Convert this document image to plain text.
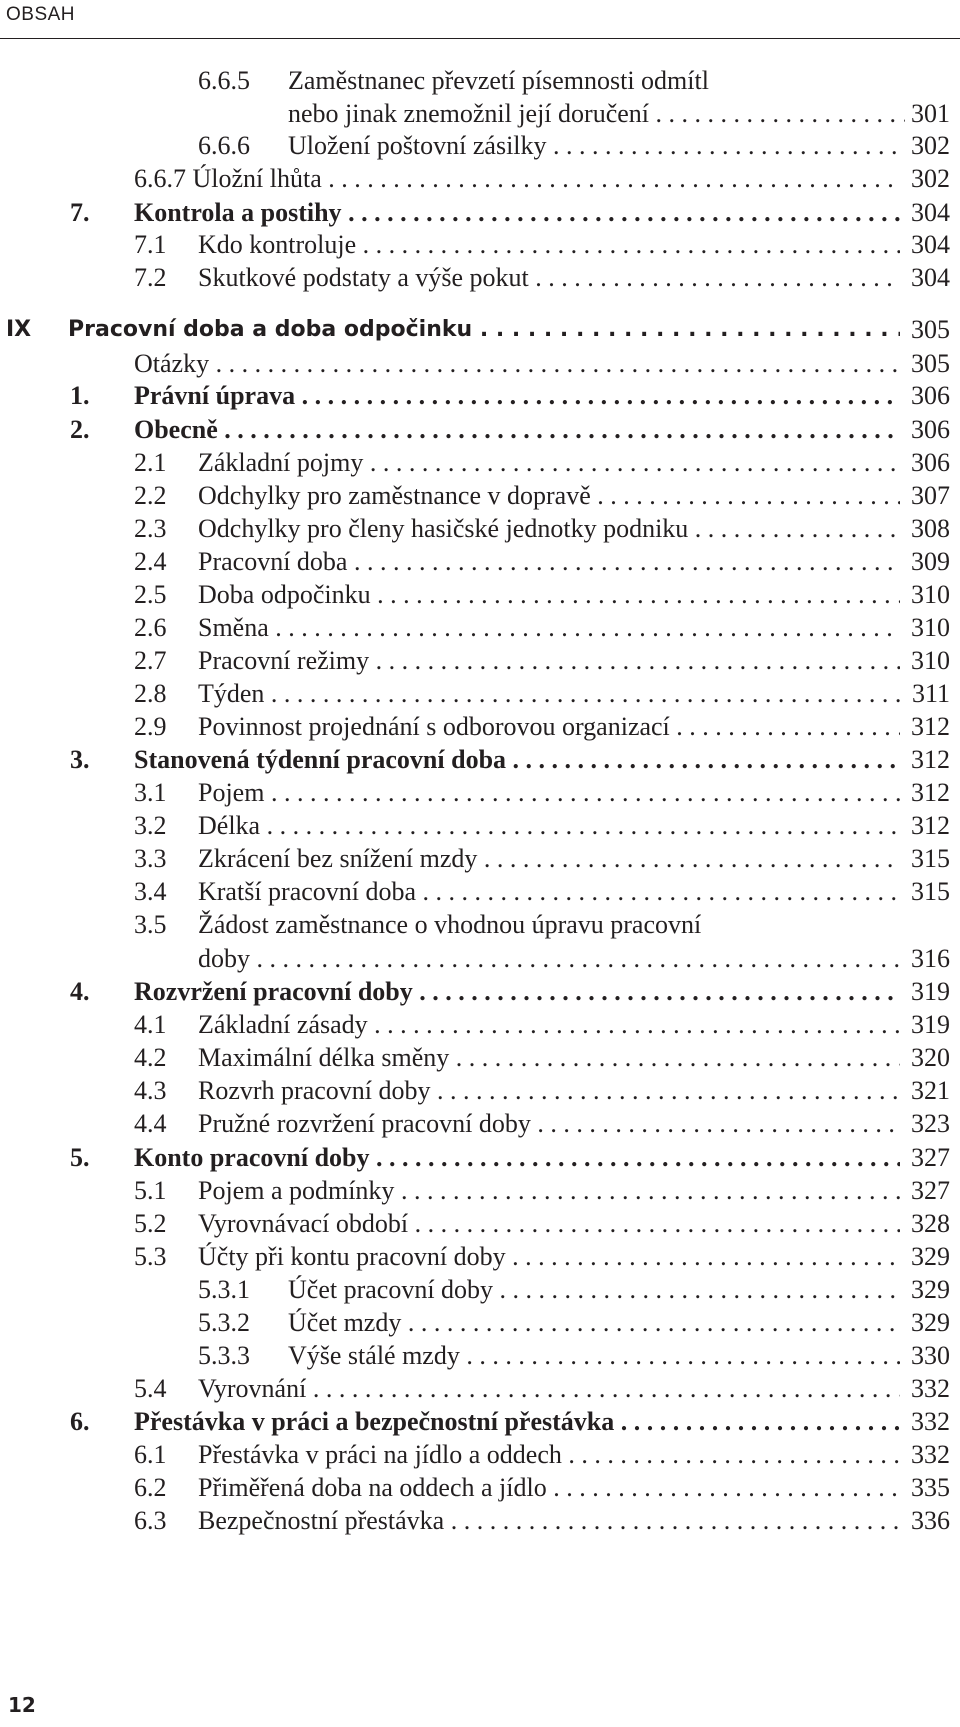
OBSAH
6.6.5 Zaměstnanec převzetí písemnosti odmítl
nebo jinak znemožnil její doručení . . .	301
6.6.6 Uložení poštovní zásilky . . .	302
6.6.7 Úložní lhůta . . .	302
7. Kontrola a postihy . . .	304
7.1 Kdo kontroluje . . .	304
7.2 Skutkové podstaty a výše pokut . . .	304
IX Pracovní doba a doba odpočinku . . .	305
Otázky . . .	305
1. Právní úprava . . .	306
2. Obecně . . .	306
2.1 Základní pojmy . . .	306
2.2 Odchylky pro zaměstnance v dopravě . . .	307
2.3 Odchylky pro členy hasičské jednotky podniku . . .	308
2.4 Pracovní doba . . .	309
2.5 Doba odpočinku . . .	310
2.6 Směna . . .	310
2.7 Pracovní režimy . . .	310
2.8 Týden . . .	311
2.9 Povinnost projednání s odborovou organizací . . .	312
3. Stanovená týdenní pracovní doba . . .	312
3.1 Pojem . . .	312
3.2 Délka . . .	312
3.3 Zkrácení bez snížení mzdy . . .	315
3.4 Kratší pracovní doba . . .	315
3.5 Žádost zaměstnance o vhodnou úpravu pracovní
doby . . .	316
4. Rozvržení pracovní doby . . .	319
4.1 Základní zásady . . .	319
4.2 Maximální délka směny . . .	320
4.3 Rozvrh pracovní doby . . .	321
4.4 Pružné rozvržení pracovní doby . . .	323
5. Konto pracovní doby . . .	327
5.1 Pojem a podmínky . . .	327
5.2 Vyrovnávací období . . .	328
5.3 Účty při kontu pracovní doby . . .	329
5.3.1 Účet pracovní doby . . .	329
5.3.2 Účet mzdy . . .	329
5.3.3 Výše stálé mzdy . . .	330
5.4 Vyrovnání . . .	332
6. Přestávka v práci a bezpečnostní přestávka . . .	332
6.1 Přestávka v práci na jídlo a oddech . . .	332
6.2 Přiměřená doba na oddech a jídlo . . .	335
6.3 Bezpečnostní přestávka . . .	336
12
